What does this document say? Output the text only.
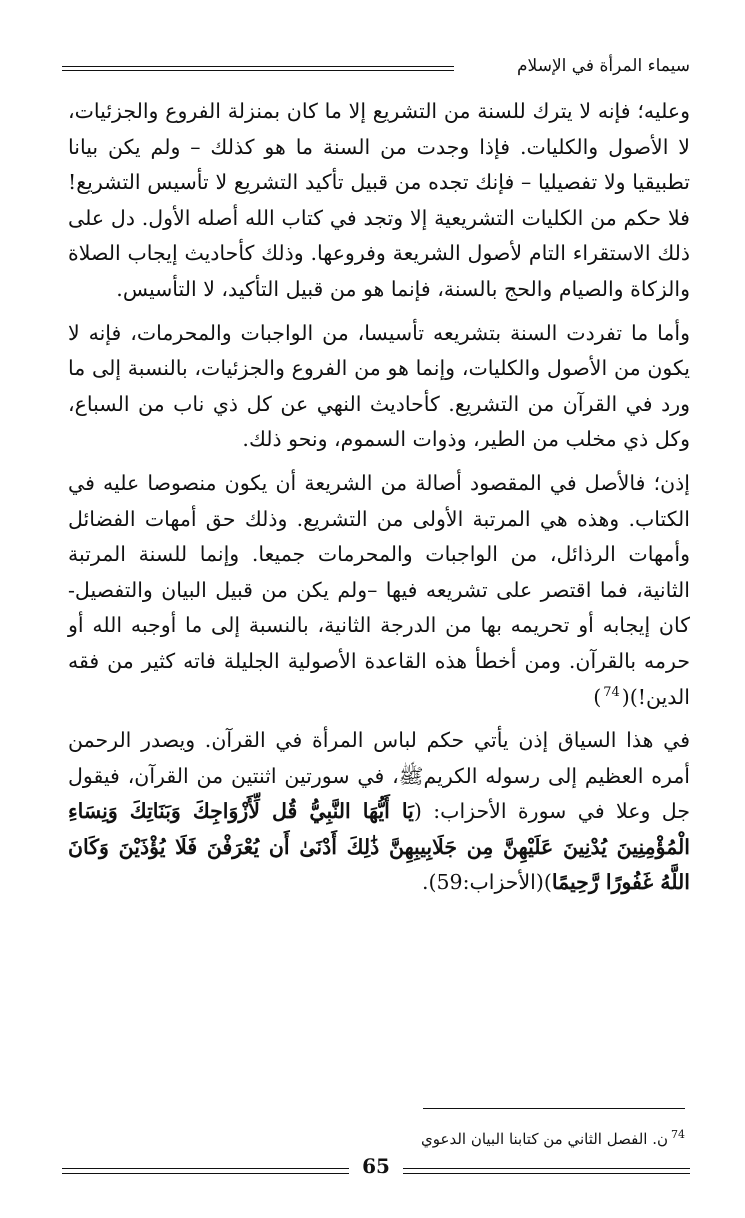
سيماء المرأة في الإسلام

وعليه؛ فإنه لا يترك للسنة من التشريع إلا ما كان بمنزلة الفروع والجزئيات، لا الأصول والكليات. فإذا وجدت من السنة ما هو كذلك – ولم يكن بيانا تطبيقيا ولا تفصيليا – فإنك تجده من قبيل تأكيد التشريع لا تأسيس التشريع! فلا حكم من الكليات التشريعية إلا وتجد في كتاب الله أصله الأول. دل على ذلك الاستقراء التام لأصول الشريعة وفروعها. وذلك كأحاديث إيجاب الصلاة والزكاة والصيام والحج بالسنة، فإنما هو من قبيل التأكيد، لا التأسيس.

وأما ما تفردت السنة بتشريعه تأسيسا، من الواجبات والمحرمات، فإنه لا يكون من الأصول والكليات، وإنما هو من الفروع والجزئيات، بالنسبة إلى ما ورد في القرآن من التشريع. كأحاديث النهي عن كل ذي ناب من السباع، وكل ذي مخلب من الطير، وذوات السموم، ونحو ذلك.

إذن؛ فالأصل في المقصود أصالة من الشريعة أن يكون منصوصا عليه في الكتاب. وهذه هي المرتبة الأولى من التشريع. وذلك حق أمهات الفضائل وأمهات الرذائل، من الواجبات والمحرمات جميعا. وإنما للسنة المرتبة الثانية، فما اقتصر على تشريعه فيها –ولم يكن من قبيل البيان والتفصيل- كان إيجابه أو تحريمه بها من الدرجة الثانية، بالنسبة إلى ما أوجبه الله أو حرمه بالقرآن. ومن أخطأ هذه القاعدة الأصولية الجليلة فاته كثير من فقه الدين!)($^{74}$)

في هذا السياق إذن يأتي حكم لباس المرأة في القرآن. ويصدر الرحمن أمره العظيم إلى رسوله الكريمﷺ، في سورتين اثنتين من القرآن، فيقول جل وعلا في سورة الأحزاب: (يَا أَيُّهَا النَّبِيُّ قُل لِّأَزْوَاجِكَ وَبَنَاتِكَ وَنِسَاءِ الْمُؤْمِنِينَ يُدْنِينَ عَلَيْهِنَّ مِن جَلَابِيبِهِنَّ ذَٰلِكَ أَدْنَىٰ أَن يُعْرَفْنَ فَلَا يُؤْذَيْنَ وَكَانَ اللَّهُ غَفُورًا رَّحِيمًا)(الأحزاب:59).

$^{74}$ن. الفصل الثاني من كتابنا البيان الدعوي
65
